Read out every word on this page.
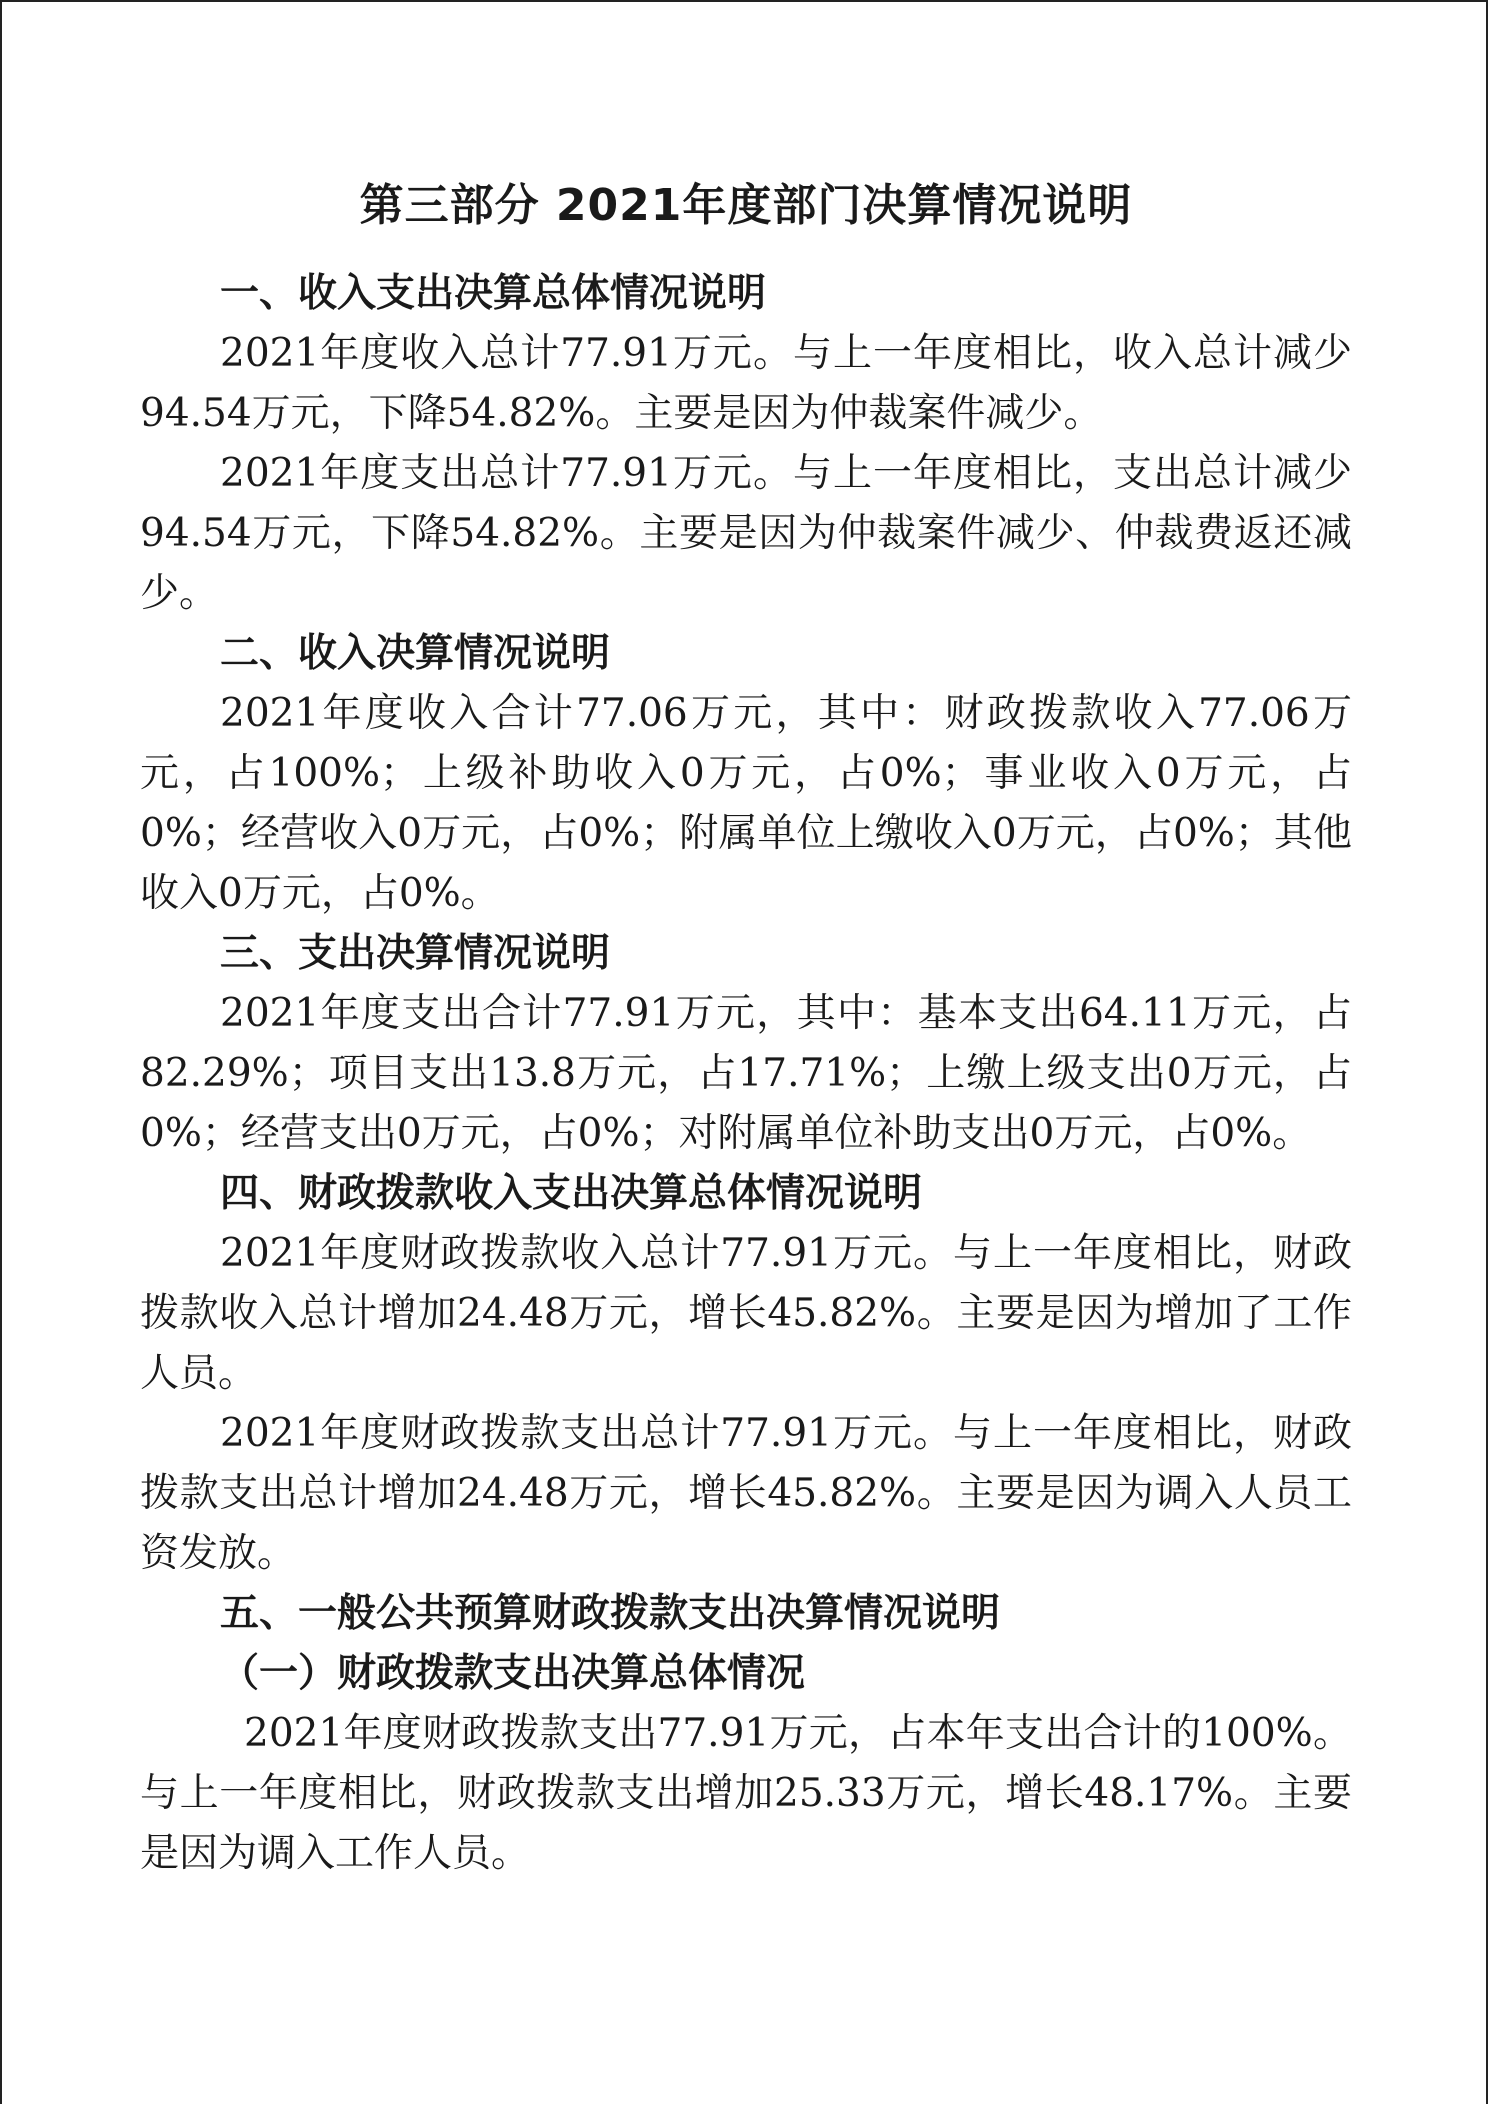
第三部分 2021年度部门决算情况说明

一、收入支出决算总体情况说明

2021年度收入总计77.91万元。与上一年度相比，收入总计减少94.54万元，下降54.82%。主要是因为仲裁案件减少。

2021年度支出总计77.91万元。与上一年度相比，支出总计减少94.54万元，下降54.82%。主要是因为仲裁案件减少、仲裁费返还减少。

二、收入决算情况说明

2021年度收入合计77.06万元，其中：财政拨款收入77.06万元，占100%；上级补助收入0万元，占0%；事业收入0万元，占0%；经营收入0万元，占0%；附属单位上缴收入0万元，占0%；其他收入0万元，占0%。

三、支出决算情况说明

2021年度支出合计77.91万元，其中：基本支出64.11万元，占82.29%；项目支出13.8万元，占17.71%；上缴上级支出0万元，占0%；经营支出0万元，占0%；对附属单位补助支出0万元，占0%。

四、财政拨款收入支出决算总体情况说明

2021年度财政拨款收入总计77.91万元。与上一年度相比，财政拨款收入总计增加24.48万元，增长45.82%。主要是因为增加了工作人员。

2021年度财政拨款支出总计77.91万元。与上一年度相比，财政拨款支出总计增加24.48万元，增长45.82%。主要是因为调入人员工资发放。

五、一般公共预算财政拨款支出决算情况说明

（一）财政拨款支出决算总体情况

2021年度财政拨款支出77.91万元，占本年支出合计的100%。与上一年度相比，财政拨款支出增加25.33万元，增长48.17%。主要是因为调入工作人员。
